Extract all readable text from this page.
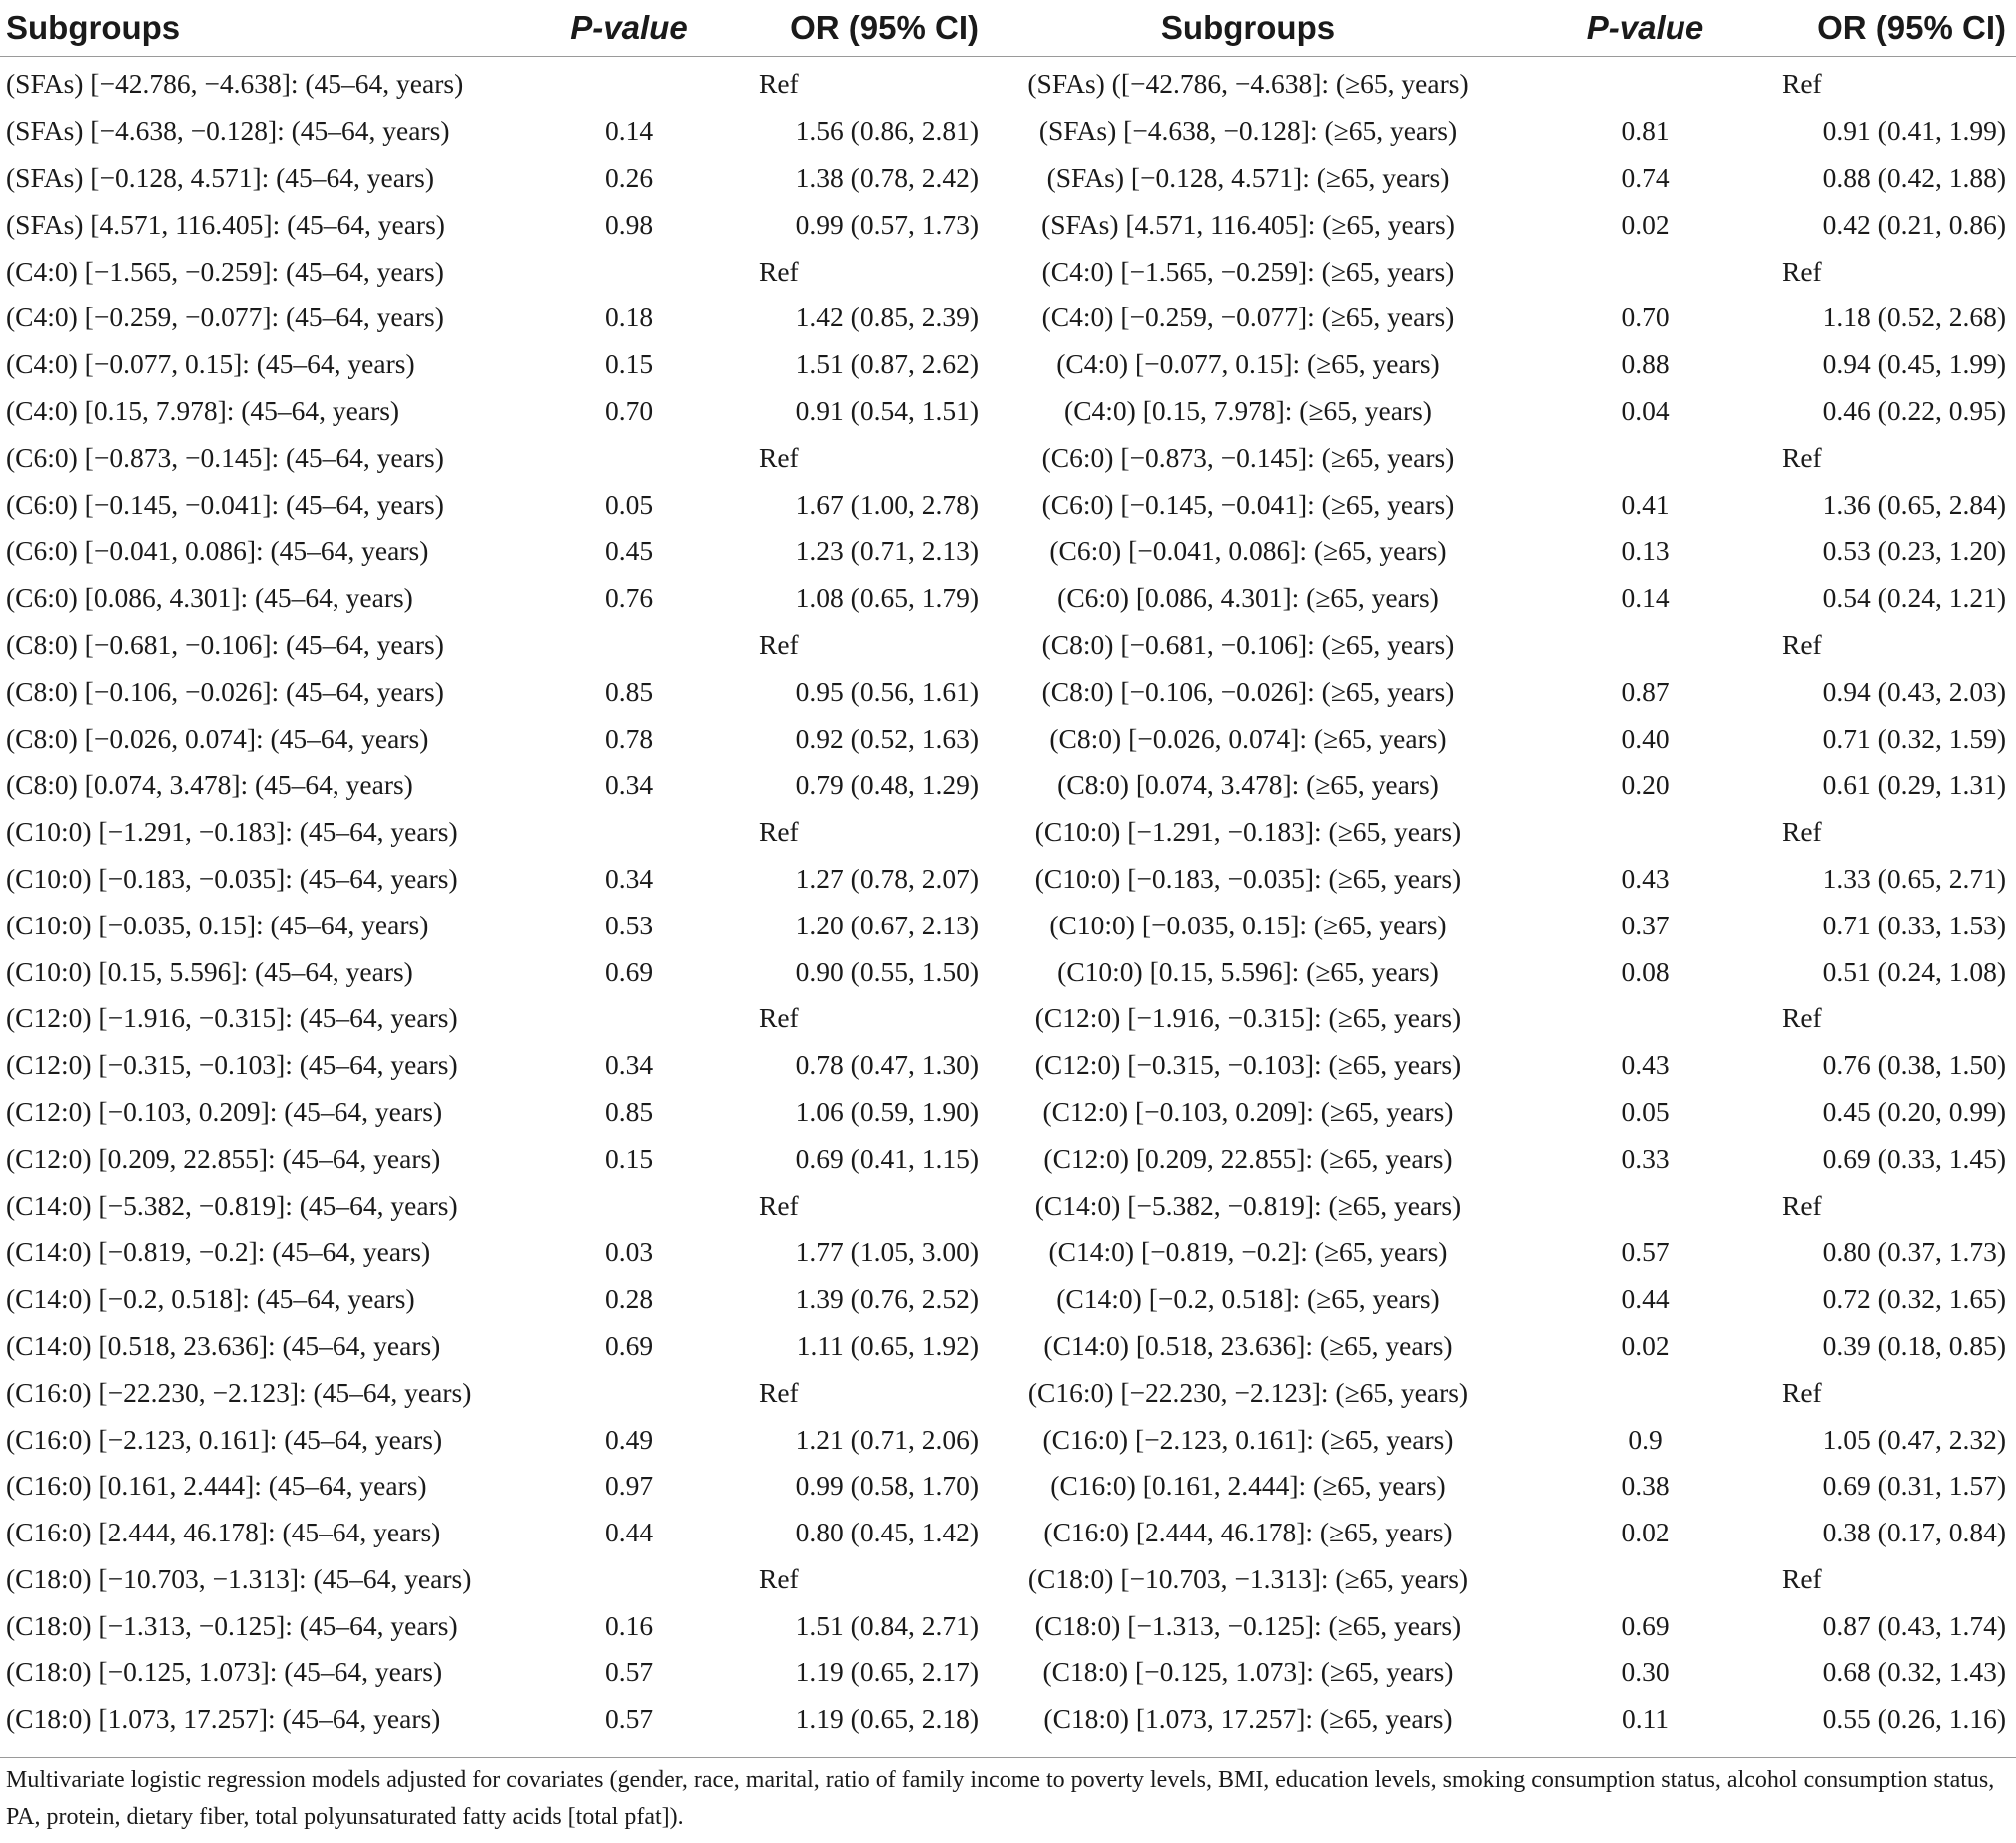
Subgroups	P-value	OR (95% CI)	Subgroups	P-value	OR (95% CI)
(SFAs) [−42.786, −4.638]: (45–64, years)		Ref	(SFAs) ([−42.786, −4.638]: (≥65, years)		Ref
(SFAs) [−4.638, −0.128]: (45–64, years)	0.14	1.56 (0.86, 2.81)	(SFAs) [−4.638, −0.128]: (≥65, years)	0.81	0.91 (0.41, 1.99)
(SFAs) [−0.128, 4.571]: (45–64, years)	0.26	1.38 (0.78, 2.42)	(SFAs) [−0.128, 4.571]: (≥65, years)	0.74	0.88 (0.42, 1.88)
(SFAs) [4.571, 116.405]: (45–64, years)	0.98	0.99 (0.57, 1.73)	(SFAs) [4.571, 116.405]: (≥65, years)	0.02	0.42 (0.21, 0.86)
(C4:0) [−1.565, −0.259]: (45–64, years)		Ref	(C4:0) [−1.565, −0.259]: (≥65, years)		Ref
(C4:0) [−0.259, −0.077]: (45–64, years)	0.18	1.42 (0.85, 2.39)	(C4:0) [−0.259, −0.077]: (≥65, years)	0.70	1.18 (0.52, 2.68)
(C4:0) [−0.077, 0.15]: (45–64, years)	0.15	1.51 (0.87, 2.62)	(C4:0) [−0.077, 0.15]: (≥65, years)	0.88	0.94 (0.45, 1.99)
(C4:0) [0.15, 7.978]: (45–64, years)	0.70	0.91 (0.54, 1.51)	(C4:0) [0.15, 7.978]: (≥65, years)	0.04	0.46 (0.22, 0.95)
(C6:0) [−0.873, −0.145]: (45–64, years)		Ref	(C6:0) [−0.873, −0.145]: (≥65, years)		Ref
(C6:0) [−0.145, −0.041]: (45–64, years)	0.05	1.67 (1.00, 2.78)	(C6:0) [−0.145, −0.041]: (≥65, years)	0.41	1.36 (0.65, 2.84)
(C6:0) [−0.041, 0.086]: (45–64, years)	0.45	1.23 (0.71, 2.13)	(C6:0) [−0.041, 0.086]: (≥65, years)	0.13	0.53 (0.23, 1.20)
(C6:0) [0.086, 4.301]: (45–64, years)	0.76	1.08 (0.65, 1.79)	(C6:0) [0.086, 4.301]: (≥65, years)	0.14	0.54 (0.24, 1.21)
(C8:0) [−0.681, −0.106]: (45–64, years)		Ref	(C8:0) [−0.681, −0.106]: (≥65, years)		Ref
(C8:0) [−0.106, −0.026]: (45–64, years)	0.85	0.95 (0.56, 1.61)	(C8:0) [−0.106, −0.026]: (≥65, years)	0.87	0.94 (0.43, 2.03)
(C8:0) [−0.026, 0.074]: (45–64, years)	0.78	0.92 (0.52, 1.63)	(C8:0) [−0.026, 0.074]: (≥65, years)	0.40	0.71 (0.32, 1.59)
(C8:0) [0.074, 3.478]: (45–64, years)	0.34	0.79 (0.48, 1.29)	(C8:0) [0.074, 3.478]: (≥65, years)	0.20	0.61 (0.29, 1.31)
(C10:0) [−1.291, −0.183]: (45–64, years)		Ref	(C10:0) [−1.291, −0.183]: (≥65, years)		Ref
(C10:0) [−0.183, −0.035]: (45–64, years)	0.34	1.27 (0.78, 2.07)	(C10:0) [−0.183, −0.035]: (≥65, years)	0.43	1.33 (0.65, 2.71)
(C10:0) [−0.035, 0.15]: (45–64, years)	0.53	1.20 (0.67, 2.13)	(C10:0) [−0.035, 0.15]: (≥65, years)	0.37	0.71 (0.33, 1.53)
(C10:0) [0.15, 5.596]: (45–64, years)	0.69	0.90 (0.55, 1.50)	(C10:0) [0.15, 5.596]: (≥65, years)	0.08	0.51 (0.24, 1.08)
(C12:0) [−1.916, −0.315]: (45–64, years)		Ref	(C12:0) [−1.916, −0.315]: (≥65, years)		Ref
(C12:0) [−0.315, −0.103]: (45–64, years)	0.34	0.78 (0.47, 1.30)	(C12:0) [−0.315, −0.103]: (≥65, years)	0.43	0.76 (0.38, 1.50)
(C12:0) [−0.103, 0.209]: (45–64, years)	0.85	1.06 (0.59, 1.90)	(C12:0) [−0.103, 0.209]: (≥65, years)	0.05	0.45 (0.20, 0.99)
(C12:0) [0.209, 22.855]: (45–64, years)	0.15	0.69 (0.41, 1.15)	(C12:0) [0.209, 22.855]: (≥65, years)	0.33	0.69 (0.33, 1.45)
(C14:0) [−5.382, −0.819]: (45–64, years)		Ref	(C14:0) [−5.382, −0.819]: (≥65, years)		Ref
(C14:0) [−0.819, −0.2]: (45–64, years)	0.03	1.77 (1.05, 3.00)	(C14:0) [−0.819, −0.2]: (≥65, years)	0.57	0.80 (0.37, 1.73)
(C14:0) [−0.2, 0.518]: (45–64, years)	0.28	1.39 (0.76, 2.52)	(C14:0) [−0.2, 0.518]: (≥65, years)	0.44	0.72 (0.32, 1.65)
(C14:0) [0.518, 23.636]: (45–64, years)	0.69	1.11 (0.65, 1.92)	(C14:0) [0.518, 23.636]: (≥65, years)	0.02	0.39 (0.18, 0.85)
(C16:0) [−22.230, −2.123]: (45–64, years)		Ref	(C16:0) [−22.230, −2.123]: (≥65, years)		Ref
(C16:0) [−2.123, 0.161]: (45–64, years)	0.49	1.21 (0.71, 2.06)	(C16:0) [−2.123, 0.161]: (≥65, years)	0.9	1.05 (0.47, 2.32)
(C16:0) [0.161, 2.444]: (45–64, years)	0.97	0.99 (0.58, 1.70)	(C16:0) [0.161, 2.444]: (≥65, years)	0.38	0.69 (0.31, 1.57)
(C16:0) [2.444, 46.178]: (45–64, years)	0.44	0.80 (0.45, 1.42)	(C16:0) [2.444, 46.178]: (≥65, years)	0.02	0.38 (0.17, 0.84)
(C18:0) [−10.703, −1.313]: (45–64, years)		Ref	(C18:0) [−10.703, −1.313]: (≥65, years)		Ref
(C18:0) [−1.313, −0.125]: (45–64, years)	0.16	1.51 (0.84, 2.71)	(C18:0) [−1.313, −0.125]: (≥65, years)	0.69	0.87 (0.43, 1.74)
(C18:0) [−0.125, 1.073]: (45–64, years)	0.57	1.19 (0.65, 2.17)	(C18:0) [−0.125, 1.073]: (≥65, years)	0.30	0.68 (0.32, 1.43)
(C18:0) [1.073, 17.257]: (45–64, years)	0.57	1.19 (0.65, 2.18)	(C18:0) [1.073, 17.257]: (≥65, years)	0.11	0.55 (0.26, 1.16)

Multivariate logistic regression models adjusted for covariates (gender, race, marital, ratio of family income to poverty levels, BMI, education levels, smoking consumption status, alcohol consumption status, PA, protein, dietary fiber, total polyunsaturated fatty acids [total pfat]).
